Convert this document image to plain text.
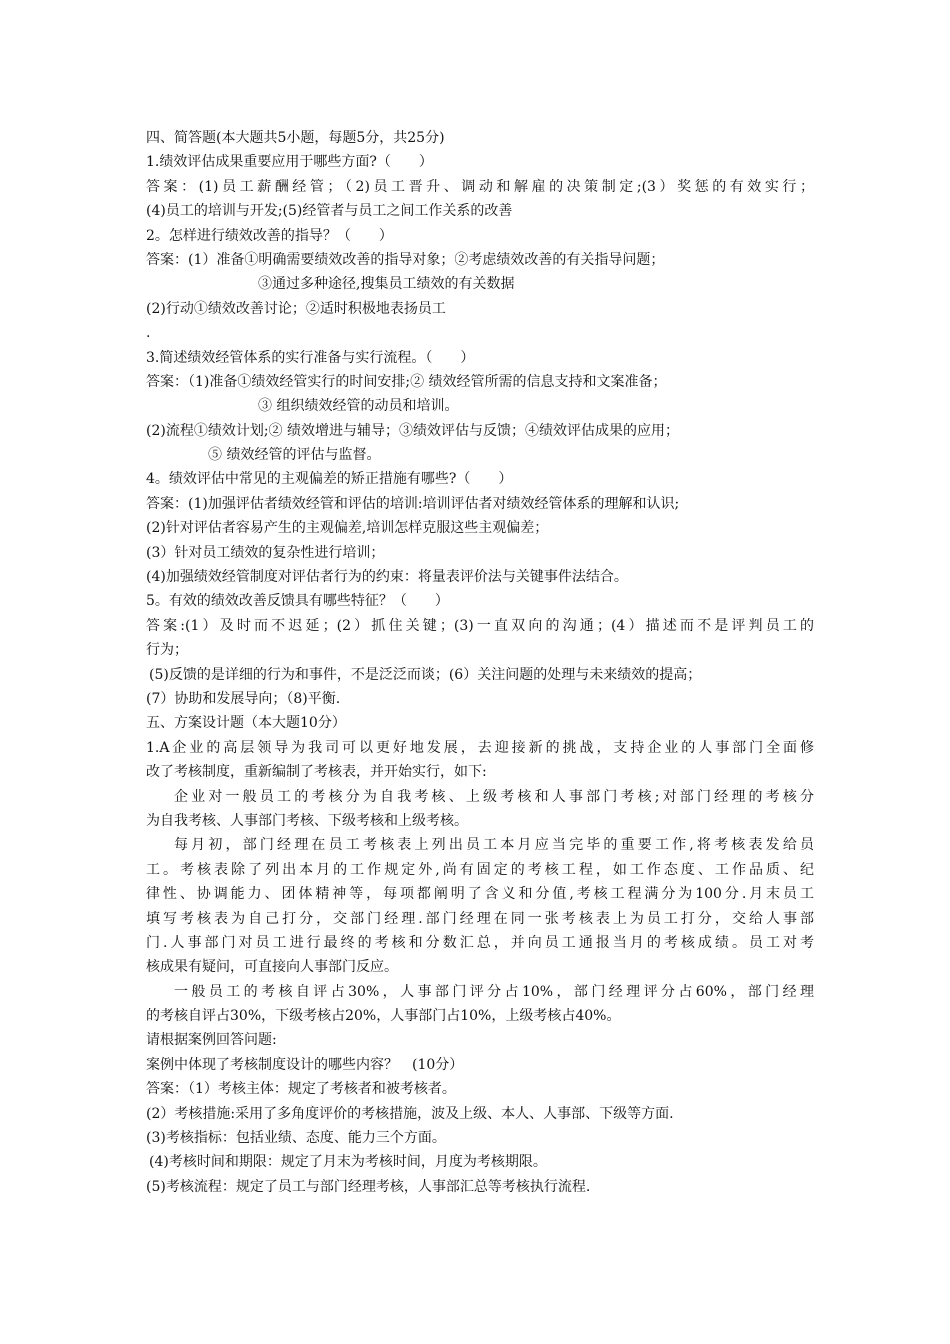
四、简答题(本大题共5小题，每题5分，共25分)
1.绩效评估成果重要应用于哪些方面?（　　）
答案：(1)员工薪酬经管；（2)员工晋升、调动和解雇的决策制定;(3）奖惩的有效实行；
(4)员工的培训与开发;(5)经管者与员工之间工作关系的改善
2。怎样进行绩效改善的指导？（　　）
答案：(1）准备①明确需要绩效改善的指导对象；②考虑绩效改善的有关指导问题；
③通过多种途径,搜集员工绩效的有关数据
(2)行动①绩效改善讨论；②适时积极地表扬员工
.
3.简述绩效经管体系的实行准备与实行流程。（　　）
答案：（1)准备①绩效经管实行的时间安排;② 绩效经管所需的信息支持和文案准备；
③ 组织绩效经管的动员和培训。
(2)流程①绩效计划;② 绩效增进与辅导；③绩效评估与反馈；④绩效评估成果的应用；
⑤ 绩效经管的评估与监督。
4。绩效评估中常见的主观偏差的矫正措施有哪些?（　　）
答案：(1)加强评估者绩效经管和评估的培训:培训评估者对绩效经管体系的理解和认识;
(2)针对评估者容易产生的主观偏差,培训怎样克服这些主观偏差；
(3）针对员工绩效的复杂性进行培训；
(4)加强绩效经管制度对评估者行为的约束：将量表评价法与关键事件法结合。
5。有效的绩效改善反馈具有哪些特征？（　　）
答案:(1）及时而不迟延；(2）抓住关键；(3)一直双向的沟通；(4）描述而不是评判员工的
行为；
(5)反馈的是详细的行为和事件，不是泛泛而谈；(6）关注问题的处理与未来绩效的提高；
(7）协助和发展导向；（8)平衡.
五、方案设计题（本大题10分）
1.A企业的高层领导为我司可以更好地发展，去迎接新的挑战，支持企业的人事部门全面修
改了考核制度，重新编制了考核表，并开始实行，如下:
企业对一般员工的考核分为自我考核、上级考核和人事部门考核;对部门经理的考核分
为自我考核、人事部门考核、下级考核和上级考核。
每月初，部门经理在员工考核表上列出员工本月应当完毕的重要工作,将考核表发给员
工。考核表除了列出本月的工作规定外,尚有固定的考核工程，如工作态度、工作品质、纪
律性、协调能力、团体精神等，每项都阐明了含义和分值,考核工程满分为100分.月末员工
填写考核表为自己打分，交部门经理.部门经理在同一张考核表上为员工打分，交给人事部
门.人事部门对员工进行最终的考核和分数汇总，并向员工通报当月的考核成绩。员工对考
核成果有疑问，可直接向人事部门反应。
一般员工的考核自评占30%，人事部门评分占10%，部门经理评分占60%，部门经理
的考核自评占30%，下级考核占20%，人事部门占10%，上级考核占40%。
请根据案例回答问题:
案例中体现了考核制度设计的哪些内容？　(10分）
答案：（1）考核主体：规定了考核者和被考核者。
(2）考核措施:采用了多角度评价的考核措施，波及上级、本人、人事部、下级等方面.
(3)考核指标：包括业绩、态度、能力三个方面。
(4)考核时间和期限：规定了月末为考核时间，月度为考核期限。
(5)考核流程：规定了员工与部门经理考核，人事部汇总等考核执行流程.
